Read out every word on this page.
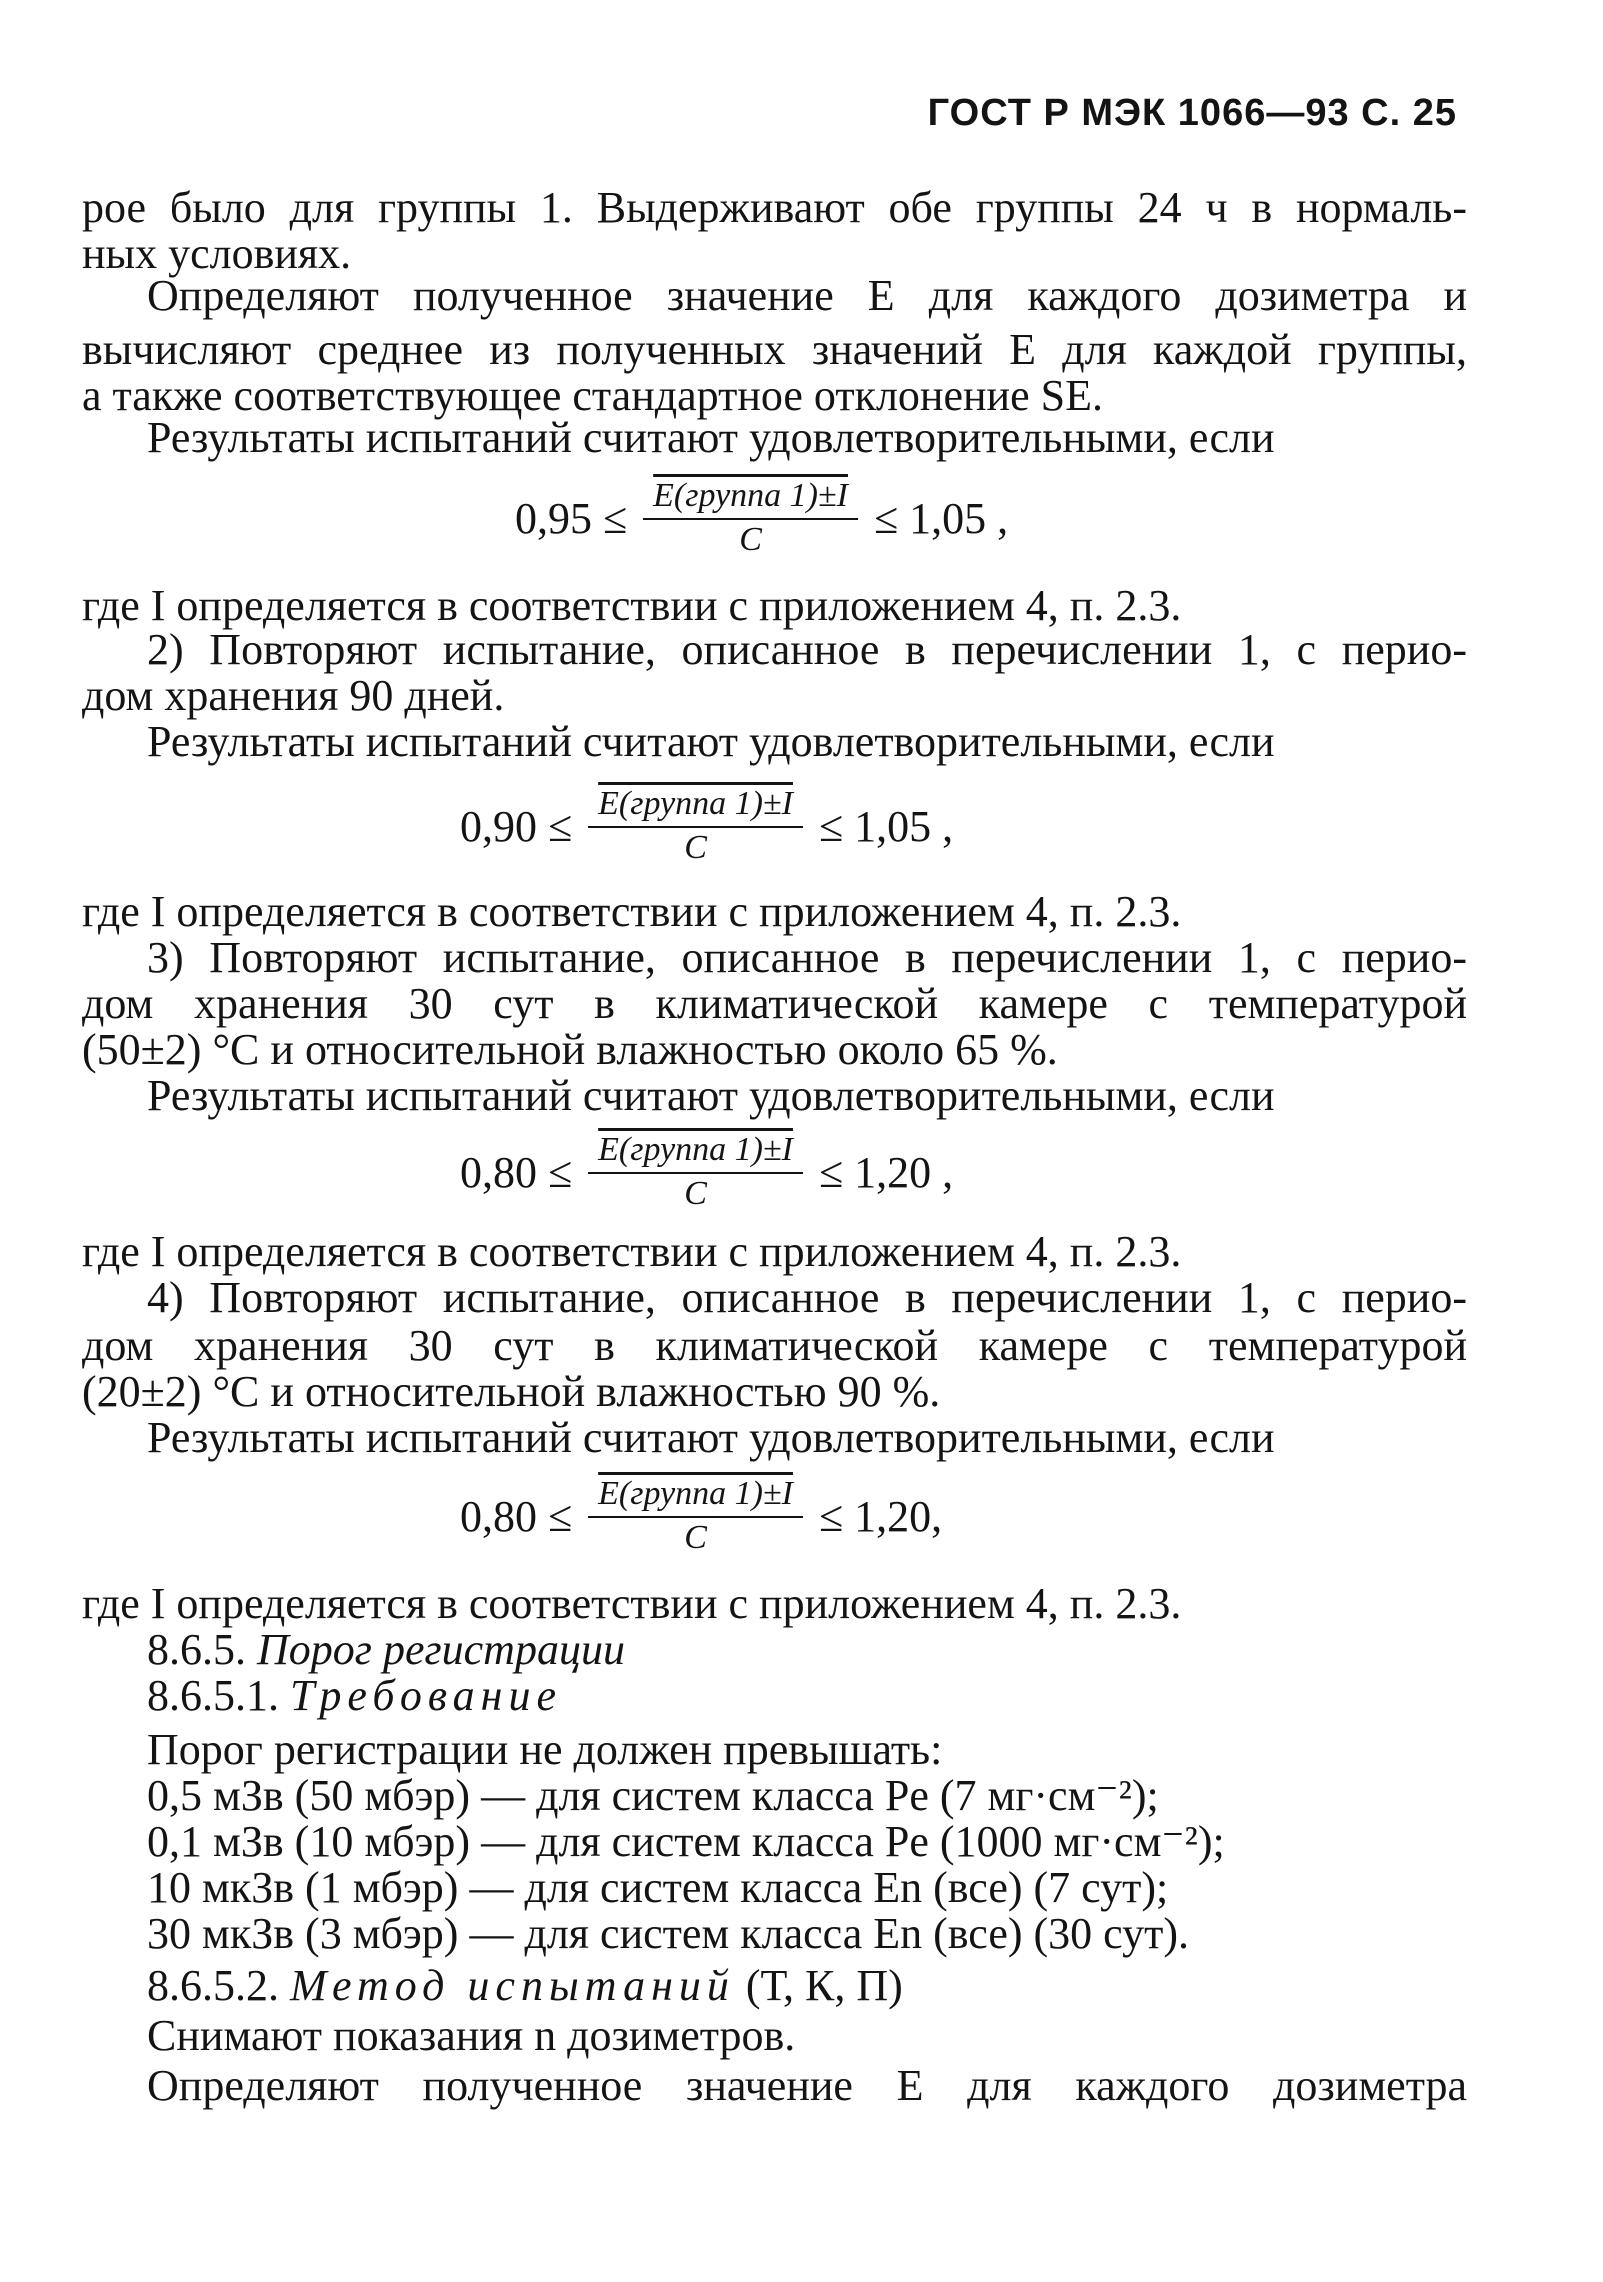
ГОСТ Р МЭК 1066—93 С. 25
рое было для группы 1. Выдерживают обе группы 24 ч в нормаль-
ных условиях.
Определяют полученное значение E для каждого дозиметра и
вычисляют среднее из полученных значений E для каждой группы,
а также соответствующее стандартное отклонение SE.
Результаты испытаний считают удовлетворительными, если
$0,95 \le \frac{\text{E(группа 1)±I}}{C} \le 1,05$ ,
где I определяется в соответствии с приложением 4, п. 2.3.
2) Повторяют испытание, описанное в перечислении 1, с перио-
дом хранения 90 дней.
Результаты испытаний считают удовлетворительными, если
$0,90 \le \frac{\text{E(группа 1)±I}}{C} \le 1,05$ ,
где I определяется в соответствии с приложением 4, п. 2.3.
3) Повторяют испытание, описанное в перечислении 1, с перио-
дом хранения 30 сут в климатической камере с температурой
(50±2) °С и относительной влажностью около 65 %.
Результаты испытаний считают удовлетворительными, если
$0,80 \le \frac{\text{E(группа 1)±I}}{C} \le 1,20$ ,
где I определяется в соответствии с приложением 4, п. 2.3.
4) Повторяют испытание, описанное в перечислении 1, с перио-
дом хранения 30 сут в климатической камере с температурой
(20±2) °С и относительной влажностью 90 %.
Результаты испытаний считают удовлетворительными, если
$0,80 \le \frac{\text{E(группа 1)±I}}{C} \le 1,20$,
где I определяется в соответствии с приложением 4, п. 2.3.
8.6.5. Порог регистрации
8.6.5.1. Требование
Порог регистрации не должен превышать:
0,5 мЗв (50 мбэр) — для систем класса Pe (7 мг·см⁻²);
0,1 мЗв (10 мбэр) — для систем класса Pe (1000 мг·см⁻²);
10 мкЗв (1 мбэр) — для систем класса En (все) (7 сут);
30 мкЗв (3 мбэр) — для систем класса En (все) (30 сут).
8.6.5.2. Метод испытаний (Т, К, П)
Снимают показания n дозиметров.
Определяют полученное значение E для каждого дозиметра
